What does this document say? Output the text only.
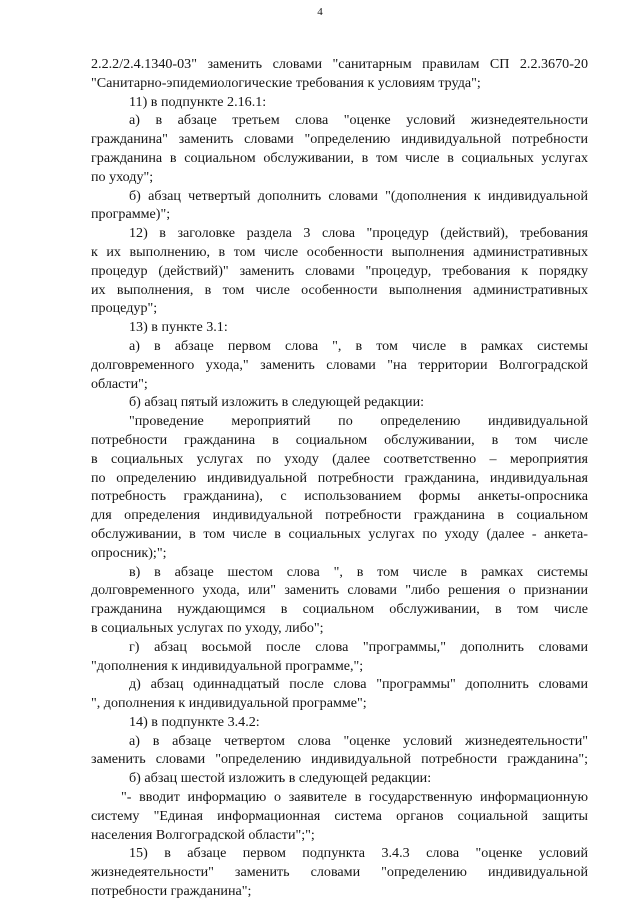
4
2.2.2/2.4.1340-03" заменить словами "санитарным правилам СП 2.2.3670-20
"Санитарно-эпидемиологические требования к условиям труда";
11) в подпункте 2.16.1:
а) в абзаце третьем слова "оценке условий жизнедеятельности
гражданина" заменить словами "определению индивидуальной потребности
гражданина в социальном обслуживании, в том числе в социальных услугах
по уходу";
б) абзац четвертый дополнить словами "(дополнения к индивидуальной
программе)";
12) в заголовке раздела 3 слова "процедур (действий), требования
к их выполнению, в том числе особенности выполнения административных
процедур (действий)" заменить словами "процедур, требования к порядку
их выполнения, в том числе особенности выполнения административных
процедур";
13) в пункте 3.1:
а) в абзаце первом слова ", в том числе в рамках системы
долговременного ухода," заменить словами "на территории Волгоградской
области";
б) абзац пятый изложить в следующей редакции:
"проведение мероприятий по определению индивидуальной
потребности гражданина в социальном обслуживании, в том числе
в социальных услугах по уходу (далее соответственно – мероприятия
по определению индивидуальной потребности гражданина, индивидуальная
потребность гражданина), с использованием формы анкеты-опросника
для определения индивидуальной потребности гражданина в социальном
обслуживании, в том числе в социальных услугах по уходу (далее - анкета-
опросник);";
в) в абзаце шестом слова ", в том числе в рамках системы
долговременного ухода, или" заменить словами "либо решения о признании
гражданина нуждающимся в социальном обслуживании, в том числе
в социальных услугах по уходу, либо";
г) абзац восьмой после слова "программы," дополнить словами
"дополнения к индивидуальной программе,";
д) абзац одиннадцатый после слова "программы" дополнить словами
", дополнения к индивидуальной программе";
14) в подпункте 3.4.2:
а) в абзаце четвертом слова "оценке условий жизнедеятельности"
заменить словами "определению индивидуальной потребности гражданина";
б) абзац шестой изложить в следующей редакции:
"- вводит информацию о заявителе в государственную информационную
систему "Единая информационная система органов социальной защиты
населения Волгоградской области";";
15) в абзаце первом подпункта 3.4.3 слова "оценке условий
жизнедеятельности" заменить словами "определению индивидуальной
потребности гражданина";
